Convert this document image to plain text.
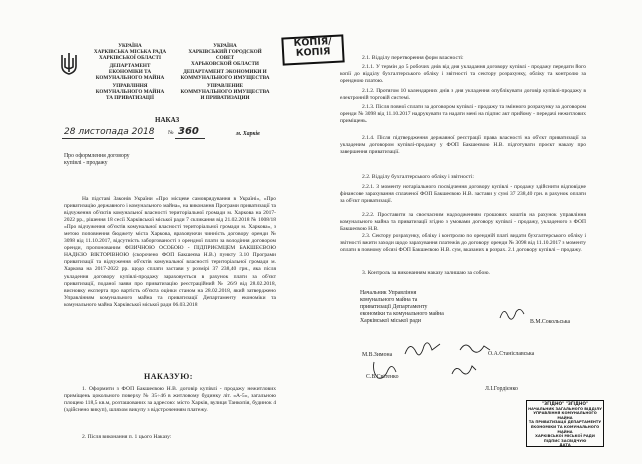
УКРАЇНА
ХАРКІВСЬКА МІСЬКА РАДА
ХАРКІВСЬКОЇ ОБЛАСТІ
ДЕПАРТАМЕНТ
ЕКОНОМІКИ ТА
КОМУНАЛЬНОГО МАЙНА
УПРАВЛІННЯ
КОМУНАЛЬНОГО МАЙНА
ТА ПРИВАТИЗАЦІЇ
УКРАЇНА
ХАРКІВСЬКИЙ ГОРОДСКОЙ
СОВЕТ
ХАРЬКОВСКОЙ ОБЛАСТИ
ДЕПАРТАМЕНТ ЭКОНОМИКИ И
КОММУНАЛЬНОГО ИМУЩЕСТВА
УПРАВЛЕНИЕ
КОММУНАЛЬНОГО ИМУЩЕСТВА
И ПРИВАТИЗАЦИИ
КОПІЯ/
КОПІЯ
28 листопада 2018
НАКАЗ
№ 360	м. Харків
Про оформлення договору
купівлі - продажу
На підставі Законів України «Про місцеве самоврядування в Україні», «Про приватизацію державного і комунального майна», на виконання Програми приватизації та відчуження об'єктів комунальної власності територіальної громади м. Харкова на 2017-2022 рр., рішення 18 сесії Харківської міської ради 7 скликання від 21.02.2018 № 1008/18 «Про відчуження об'єктів комунальної власності територіальної громади м. Харкова», з метою поповнення бюджету міста Харкова, враховуючи чинність договору оренди № 3098 від 11.10.2017, відсутність заборгованості з орендної плати за володіння договором оренди, пропонованим ФІЗИЧНОЮ ОСОБОЮ - ПІДПРИЄМЦЕМ БАКШЕЄВОЮ НАДІЄЮ ВІКТОРІВНОЮ (скорочено ФОП Бакшеєва Н.В.) пункту 3.10 Програми приватизації та відчуження об'єктів комунальної власності територіальної громади м. Харкова на 2017-2022 рр. щодо сплати застави у розмірі 37 238,40 грн., яка після укладення договору купівлі-продажу зараховується в рахунок плати за об'єкт приватизації, поданої заяви про приватизацію реєстраційний № 26/9 від 28.02.2018, висновку експерта про вартість об'єкта оцінки станом на 28.02.2018, який затверджено Управлінням комунального майна та приватизації Департаменту економіки та комунального майна Харківської міської ради 06.03.2018
НАКАЗУЮ:
1. Оформити з ФОП Бакшеєвою Н.В. договір купівлі - продажу нежитлових приміщень цокольного поверху № 35÷46 в житловому будинку літ. «А-5», загальною площею 118,5 кв.м, розташованих за адресою: місто Харків, вулиця Танкопія, будинок 4 (здійснено викуп), шляхом викупу з відстроченням платежу.
2. Після виконання п. 1 цього Наказу:
2.1. Відділу перетворення форм власності:
2.1.1. У термін до 5 робочих днів від дня укладання договору купівлі - продажу передати його копії до відділу бухгалтерського обліку і звітності та сектору розрахунку, обліку та контролю за орендною платою.
2.1.2. Протягом 10 календарних днів з дня укладення опублікувати договір купівлі-продажу в електронній торговій системі.
2.1.3. Після повної сплати за договором купівлі - продажу та змінного розрахунку за договором оренди № 3098 від 11.10.2017 надрукувати та надати мені на підпис акт прийому - передачі нежитлових приміщень.
2.1.4. Після підтвердження державної реєстрації права власності на об'єкт приватизації за укладеним договором купівлі-продажу у ФОП Бакшеєвою Н.В. підготувати проєкт наказу про завершення приватизації.
2.2. Відділу бухгалтерського обліку і звітності:
2.2.1. З моменту нотаріального посвідчення договору купівлі - продажу здійснити відповідне фінансове зарахування сплаченої ФОП Бакшеєвою Н.В. застави у сумі 37 238,40 грн. в рахунок оплати за об'єкт приватизації.
2.2.2. Проставити за своєчасним надходженням грошових коштів на рахунок управління комунального майна та приватизації згідно з умовами договору купівлі - продажу, укладеного з ФОП Бакшеєвою Н.В.
2.3. Сектору розрахунку, обліку і контролю по орендній платі видати бухгалтерського обліку і звітності вжити заходи щодо зарахування платежів до договору оренди № 3098 від 11.10.2017 з моменту оплати в повному обсязі ФОП Бакшеєвою Н.В. сум, вказаних в розрах. 2.1 договору купівлі – продажу.
3. Контроль за виконанням наказу залишаю за собою.
Начальник Управління
комунального майна та
приватизації Департаменту
економіки та комунального майна
Харківської міської ради	В.М.Сокольська
М.В.Зимона	О.А.Станіславська
С.В.Світенко
Л.І.Гордієнко
"ЗГІДНО" "ЗГІДНО"
НАЧАЛЬНИК ЗАГАЛЬНОГО ВІДДІЛУ
УПРАВЛІННЯ КОМУНАЛЬНОГО МАЙНА
ТА ПРИВАТИЗАЦІЇ ДЕПАРТАМЕНТУ
ЕКОНОМІКИ ТА КОМУНАЛЬНОГО МАЙНА
ХАРКІВСЬКОЇ МІСЬКОЇ РАДИ
ПІДПИС ЗАСВІДЧУЮ
ДАТА
